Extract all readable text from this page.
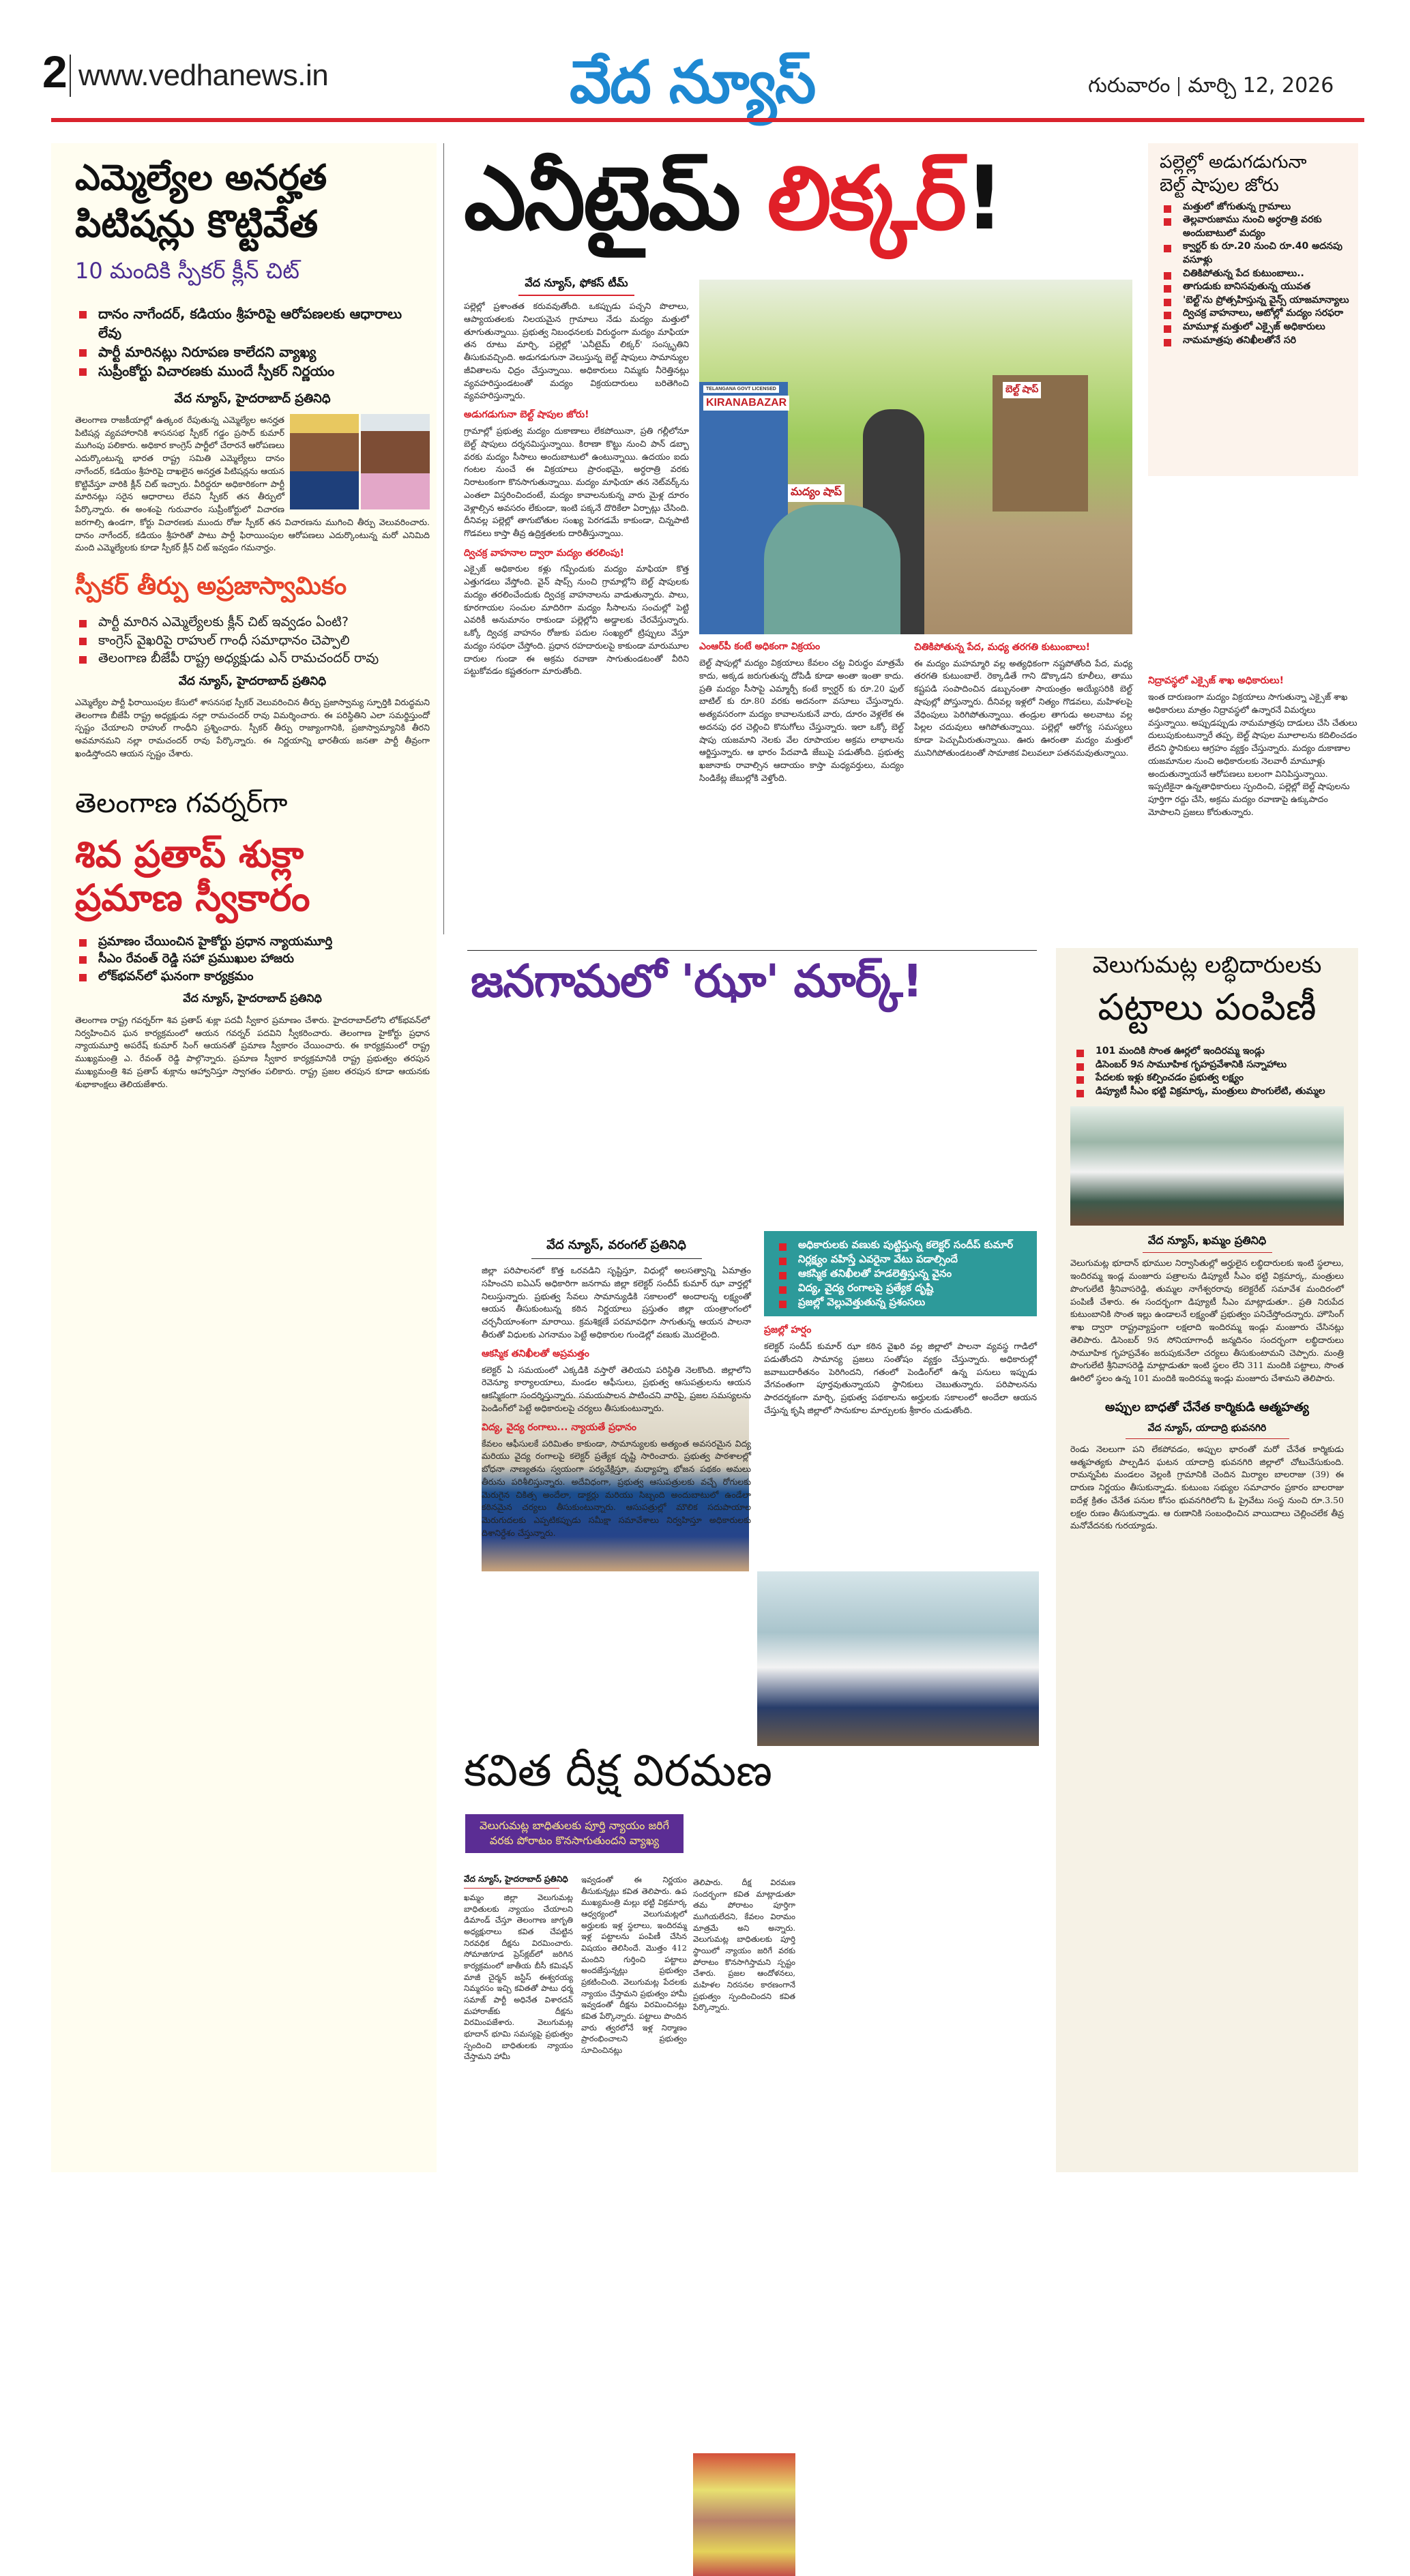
2 www.vedhanews.in	వేద న్యూస్	గురువారం మార్చి 12, 2026
ఎమ్మెల్యేల అనర్హత
పిటిషన్లు కొట్టివేత
10 మందికి స్పీకర్ క్లీన్ చిట్
దానం నాగేందర్, కడియం శ్రీహరిపై ఆరోపణలకు ఆధారాలు లేవు
పార్టీ మారినట్లు నిరూపణ కాలేదని వ్యాఖ్య
సుప్రీంకోర్టు విచారణకు ముందే స్పీకర్ నిర్ణయం
వేద న్యూస్, హైదరాబాద్ ప్రతినిధి
తెలంగాణ రాజకీయాల్లో ఉత్కంఠ రేపుతున్న ఎమ్మెల్యేల అనర్హత పిటిషన్ల వ్యవహారానికి శాసనసభ స్పీకర్ గడ్డం ప్రసాద్ కుమార్ ముగింపు పలికారు. అధికార కాంగ్రెస్ పార్టీలో చేరారనే ఆరోపణలు ఎదుర్కొంటున్న భారత రాష్ట్ర సమితి ఎమ్మెల్యేలు దానం నాగేందర్, కడియం శ్రీహరిపై దాఖలైన అనర్హత పిటిషన్లను ఆయన కొట్టివేస్తూ వారికి క్లీన్ చిట్ ఇచ్చారు. వీరిద్దరూ అధికారికంగా పార్టీ మారినట్లు సరైన ఆధారాలు లేవని స్పీకర్ తన తీర్పులో పేర్కొన్నారు. ఈ అంశంపై గురువారం సుప్రీంకోర్టులో విచారణ జరగాల్సి ఉండగా, కోర్టు విచారణకు ముందు రోజు స్పీకర్ తన విచారణను ముగించి తీర్పు వెలువరించారు. దానం నాగేందర్, కడియం శ్రీహరితో పాటు పార్టీ ఫిరాయింపుల ఆరోపణలు ఎదుర్కొంటున్న మరో ఎనిమిది మంది ఎమ్మెల్యేలకు కూడా స్పీకర్ క్లీన్ చిట్ ఇవ్వడం గమనార్హం.
స్పీకర్ తీర్పు అప్రజాస్వామికం
పార్టీ మారిన ఎమ్మెల్యేలకు క్లీన్ చిట్ ఇవ్వడం ఏంటి?
కాంగ్రెస్ వైఖరిపై రాహుల్ గాంధీ సమాధానం చెప్పాలి
తెలంగాణ బీజేపీ రాష్ట్ర అధ్యక్షుడు ఎన్ రామచందర్ రావు
వేద న్యూస్, హైదరాబాద్ ప్రతినిధి
ఎమ్మెల్యేల పార్టీ ఫిరాయింపుల కేసులో శాసనసభ స్పీకర్ వెలువరించిన తీర్పు ప్రజాస్వామ్య స్ఫూర్తికి విరుద్ధమని తెలంగాణ బీజేపీ రాష్ట్ర అధ్యక్షుడు నల్లా రామచందర్ రావు విమర్శించారు. ఈ పరిస్థితిని ఎలా సమర్థిస్తుందో స్పష్టం చేయాలని రాహుల్ గాంధీని ప్రశ్నించారు. స్పీకర్ తీర్పు రాజ్యాంగానికి, ప్రజాస్వామ్యానికి తీరని అవమానమని నల్లా రామచందర్ రావు పేర్కొన్నారు. ఈ నిర్ణయాన్ని భారతీయ జనతా పార్టీ తీవ్రంగా ఖండిస్తోందని ఆయన స్పష్టం చేశారు.
తెలంగాణ గవర్నర్‌గా
శివ ప్రతాప్ శుక్లా
ప్రమాణ స్వీకారం
ప్రమాణం చేయించిన హైకోర్టు ప్రధాన న్యాయమూర్తి
సీఎం రేవంత్ రెడ్డి సహా ప్రముఖుల హాజరు
లోక్‌భవన్‌లో ఘనంగా కార్యక్రమం
వేద న్యూస్, హైదరాబాద్ ప్రతినిధి
తెలంగాణ రాష్ట్ర గవర్నర్‌గా శివ ప్రతాప్ శుక్లా పదవీ స్వీకార ప్రమాణం చేశారు. హైదరాబాద్‌లోని లోక్‌భవన్‌లో నిర్వహించిన ఘన కార్యక్రమంలో ఆయన గవర్నర్ పదవిని స్వీకరించారు. తెలంగాణ హైకోర్టు ప్రధాన న్యాయమూర్తి అపరేష్ కుమార్ సింగ్ ఆయనతో ప్రమాణ స్వీకారం చేయించారు. ఈ కార్యక్రమంలో రాష్ట్ర ముఖ్యమంత్రి ఎ. రేవంత్ రెడ్డి పాల్గొన్నారు. ప్రమాణ స్వీకార కార్యక్రమానికి రాష్ట్ర ప్రభుత్వం తరపున ముఖ్యమంత్రి శివ ప్రతాప్ శుక్లాను ఆహ్వానిస్తూ స్వాగతం పలికారు. రాష్ట్ర ప్రజల తరపున కూడా ఆయనకు శుభాకాంక్షలు తెలియజేశారు.
ఎనీటైమ్ లిక్కర్!
వేద న్యూస్, ఫోకస్ టీమ్
పల్లెల్లో ప్రశాంతత కరువవుతోంది. ఒకప్పుడు పచ్చని పొలాలు, ఆప్యాయతలకు నిలయమైన గ్రామాలు నేడు మద్యం మత్తులో తూగుతున్నాయి. ప్రభుత్వ నిబంధనలకు విరుద్ధంగా మద్యం మాఫియా తన రూటు మార్చి, పల్లెల్లో 'ఎనీటైమ్ లిక్కర్' సంస్కృతిని తీసుకువచ్చింది. అడుగడుగునా వెలుస్తున్న బెల్ట్ షాపులు సామాన్యుల జీవితాలను ఛిద్రం చేస్తున్నాయి. అధికారులు నిమ్మకు నీరెత్తినట్లు వ్యవహరిస్తుండటంతో మద్యం విక్రయదారులు బరితెగించి వ్యవహరిస్తున్నారు.
అడుగడుగునా బెల్ట్ షాపుల జోరు!
గ్రామాల్లో ప్రభుత్వ మద్యం దుకాణాలు లేకపోయినా, ప్రతి గల్లీలోనూ బెల్ట్ షాపులు దర్శనమిస్తున్నాయి. కిరాణా కొట్టు నుంచి పాన్ డబ్బా వరకు మద్యం సీసాలు అందుబాటులో ఉంటున్నాయి. ఉదయం ఐదు గంటల నుంచే ఈ విక్రయాలు ప్రారంభమై, అర్ధరాత్రి వరకు నిరాటంకంగా కొనసాగుతున్నాయి. మద్యం మాఫియా తన నెట్‌వర్క్‌ను ఎంతలా విస్తరించిందంటే, మద్యం కావాలనుకున్న వారు మైళ్ల దూరం వెళ్లాల్సిన అవసరం లేకుండా, ఇంటి పక్కనే దొరికేలా ఏర్పాట్లు చేసింది. దీనివల్ల పల్లెల్లో తాగుబోతుల సంఖ్య పెరగడమే కాకుండా, చిన్నపాటి గొడవలు కాస్తా తీవ్ర ఉద్రిక్తతలకు దారితీస్తున్నాయి.
ద్విచక్ర వాహనాల ద్వారా మద్యం తరలింపు!
ఎక్సైజ్ అధికారుల కళ్లు గప్పేందుకు మద్యం మాఫియా కొత్త ఎత్తుగడలు వేస్తోంది. వైన్ షాప్స్ నుంచి గ్రామాల్లోని బెల్ట్ షాపులకు మద్యం తరలించేందుకు ద్విచక్ర వాహనాలను వాడుతున్నారు. పాలు, కూరగాయల సంచుల మాదిరిగా మద్యం సీసాలను సంచుల్లో పెట్టి ఎవరికీ అనుమానం రాకుండా పల్లెల్లోని అడ్డాలకు చేరవేస్తున్నారు. ఒక్కో ద్విచక్ర వాహనం రోజుకు పదుల సంఖ్యలో ట్రిప్పులు వేస్తూ మద్యం సరఫరా చేస్తోంది. ప్రధాన రహదారులపై కాకుండా మారుమూల దారుల గుండా ఈ అక్రమ రవాణా సాగుతుండటంతో వీరిని పట్టుకోవడం కష్టతరంగా మారుతోంది.
KIRANABAZAR
TELANGANA GOVT LICENSED	బెల్ట్ షాప్
మద్యం షాప్
ఎంఆర్‌పీ కంటే అధికంగా విక్రయం
బెల్ట్ షాపుల్లో మద్యం విక్రయాలు కేవలం చట్ట విరుద్ధం మాత్రమే కాదు, అక్కడ జరుగుతున్న దోపిడీ కూడా అంతా ఇంతా కాదు. ప్రతి మద్యం సీసాపై ఎమ్మార్పీ కంటే క్వార్టర్ కు రూ.20 ఫుల్ బాటిల్ కు రూ.80 వరకు అదనంగా వసూలు చేస్తున్నారు. అత్యవసరంగా మద్యం కావాలనుకునే వారు, దూరం వెళ్లలేక ఈ అదనపు ధర చెల్లించి కొనుగోలు చేస్తున్నారు. ఇలా ఒక్కో బెల్ట్ షాపు యజమాని నెలకు వేల రూపాయల అక్రమ లాభాలను ఆర్జిస్తున్నారు. ఆ భారం పేదవాడి జేబుపై పడుతోంది. ప్రభుత్వ ఖజానాకు రావాల్సిన ఆదాయం కాస్తా మధ్యవర్తులు, మద్యం సిండికేట్ల జేబుల్లోకి వెళ్తోంది.
చితికిపోతున్న పేద, మధ్య తరగతి కుటుంబాలు!
ఈ మద్యం మహమ్మారి వల్ల అత్యధికంగా నష్టపోతోంది పేద, మధ్య తరగతి కుటుంబాలే. రెక్కాడితే గాని డొక్కాడని కూలీలు, తాము కష్టపడి సంపాదించిన డబ్బునంతా సాయంత్రం అయ్యేసరికి బెల్ట్ షాపుల్లో పోస్తున్నారు. దీనివల్ల ఇళ్లలో నిత్యం గొడవలు, మహిళలపై వేధింపులు పెరిగిపోతున్నాయి. తండ్రుల తాగుడు అలవాటు వల్ల పిల్లల చదువులు ఆగిపోతున్నాయి. పల్లెల్లో ఆరోగ్య సమస్యలు కూడా పెచ్చుమీరుతున్నాయి. ఊరు ఊరంతా మద్యం మత్తులో మునిగిపోతుండటంతో సామాజిక విలువలూ పతనమవుతున్నాయి.
పల్లెల్లో అడుగడుగునా
బెల్ట్ షాపుల జోరు
మత్తులో జోగుతున్న గ్రామాలు
తెల్లవారుజాము నుంచి అర్ధరాత్రి వరకు అందుబాటులో మద్యం
క్వార్టర్ కు రూ.20 నుంచి రూ.40 అదనపు వసూళ్లు
చితికిపోతున్న పేద కుటుంబాలు..
తాగుడుకు బానిసవుతున్న యువత
'బెల్ట్'ను ప్రోత్సహిస్తున్న వైన్స్ యాజమాన్యాలు
ద్విచక్ర వాహనాలు, ఆటోల్లో మద్యం సరఫరా
మామూళ్ల మత్తులో ఎక్సైజ్ అధికారులు
నామమాత్రపు తనిఖీలతోనే సరి
నిద్రావస్థలో ఎక్సైజ్ శాఖ అధికారులు!
ఇంత దారుణంగా మద్యం విక్రయాలు సాగుతున్నా ఎక్సైజ్ శాఖ అధికారులు మాత్రం నిద్రావస్థలో ఉన్నారనే విమర్శలు వస్తున్నాయి. అప్పుడప్పుడు నామమాత్రపు దాడులు చేసి చేతులు దులుపుకుంటున్నారే తప్ప, బెల్ట్ షాపుల మూలాలను కదిలించడం లేదని స్థానికులు ఆగ్రహం వ్యక్తం చేస్తున్నారు. మద్యం దుకాణాల యజమానుల నుంచి అధికారులకు నెలవారీ మామూళ్లు అందుతున్నాయనే ఆరోపణలు బలంగా వినిపిస్తున్నాయి. ఇప్పటికైనా ఉన్నతాధికారులు స్పందించి, పల్లెల్లో బెల్ట్ షాపులను పూర్తిగా రద్దు చేసి, అక్రమ మద్యం రవాణాపై ఉక్కుపాదం మోపాలని ప్రజలు కోరుతున్నారు.
జనగామలో 'ఝా' మార్క్!
వేద న్యూస్, వరంగల్ ప్రతినిధి
జిల్లా పరిపాలనలో కొత్త ఒరవడిని సృష్టిస్తూ, విధుల్లో అలసత్వాన్ని ఏమాత్రం సహించని ఐఏఎస్ అధికారిగా జనగామ జిల్లా కలెక్టర్ సందీప్ కుమార్ ఝా వార్తల్లో నిలుస్తున్నారు. ప్రభుత్వ సేవలు సామాన్యుడికి సకాలంలో అందాలన్న లక్ష్యంతో ఆయన తీసుకుంటున్న కఠిన నిర్ణయాలు ప్రస్తుతం జిల్లా యంత్రాంగంలో చర్చనీయాంశంగా మారాయి. క్రమశిక్షణే పరమావధిగా సాగుతున్న ఆయన పాలనా తీరుతో విధులకు ఎగనామం పెట్టే అధికారుల గుండెల్లో వణుకు మొదలైంది.
ఆకస్మిక తనిఖీలతో అప్రమత్తం
కలెక్టర్ ఏ సమయంలో ఎక్కడికి వస్తారో తెలియని పరిస్థితి నెలకొంది. జిల్లాలోని రెవెన్యూ కార్యాలయాలు, మండల ఆఫీసులు, ప్రభుత్వ ఆసుపత్రులను ఆయన ఆకస్మికంగా సందర్శిస్తున్నారు. సమయపాలన పాటించని వారిపై, ప్రజల సమస్యలను పెండింగ్‌లో పెట్టే అధికారులపై చర్యలు తీసుకుంటున్నారు.
విద్య, వైద్య రంగాలు... న్యాయతే ప్రధానం
కేవలం ఆఫీసులకే పరిమితం కాకుండా, సామాన్యులకు అత్యంత అవసరమైన విద్య మరియు వైద్య రంగాలపై కలెక్టర్ ప్రత్యేక దృష్టి సారించారు. ప్రభుత్వ పాఠశాలల్లో బోధనా నాణ్యతను స్వయంగా పర్యవేక్షిస్తూ, మధ్యాహ్న భోజన పథకం అమలు తీరును పరిశీలిస్తున్నారు. అదేవిధంగా, ప్రభుత్వ ఆసుపత్రులకు వచ్చే రోగులకు మెరుగైన చికిత్స అందేలా, డాక్టర్లు మరియు సిబ్బంది అందుబాటులో ఉండేలా కఠినమైన చర్యలు తీసుకుంటున్నారు. ఆసుపత్రుల్లో మౌలిక సదుపాయాల మెరుగుదలకు ఎప్పటికప్పుడు సమీక్షా సమావేశాలు నిర్వహిస్తూ అధికారులకు దిశానిర్దేశం చేస్తున్నారు.
అధికారులకు వణుకు పుట్టిస్తున్న కలెక్టర్ సందీప్ కుమార్
నిర్లక్ష్యం వహిస్తే ఎవరైనా వేటు పడాల్సిందే
ఆకస్మిక తనిఖీలతో హడలెత్తిస్తున్న వైనం
విద్య, వైద్య రంగాలపై ప్రత్యేక దృష్టి
ప్రజల్లో వెల్లువెత్తుతున్న ప్రశంసలు
ప్రజల్లో హర్షం
కలెక్టర్ సందీప్ కుమార్ ఝా కఠిన వైఖరి వల్ల జిల్లాలో పాలనా వ్యవస్థ గాడిలో పడుతోందని సామాన్య ప్రజలు సంతోషం వ్యక్తం చేస్తున్నారు. అధికారుల్లో జవాబుదారీతనం పెరిగిందని, గతంలో పెండింగ్‌లో ఉన్న పనులు ఇప్పుడు వేగవంతంగా పూర్తవుతున్నాయని స్థానికులు చెబుతున్నారు. పరిపాలనను పారదర్శకంగా మార్చి, ప్రభుత్వ పథకాలను అర్హులకు సకాలంలో అందేలా ఆయన చేస్తున్న కృషి జిల్లాలో సానుకూల మార్పులకు శ్రీకారం చుడుతోంది.
వెలుగుమట్ల లబ్ధిదారులకు
పట్టాలు పంపిణీ
101 మందికి సొంత ఊర్లలో ఇందిరమ్మ ఇండ్లు
డిసెంబర్ 9న సామూహిక గృహప్రవేశానికి సన్నాహాలు
పేదలకు ఇళ్లు కల్పించడం ప్రభుత్వ లక్ష్యం
డిప్యూటీ సీఎం భట్టి విక్రమార్క, మంత్రులు పొంగులేటి, తుమ్మల
వేద న్యూస్, ఖమ్మం ప్రతినిధి
వెలుగుమట్ల భూదాన్ భూముల నిర్వాసితుల్లో అర్హులైన లబ్ధిదారులకు ఇంటి స్థలాలు, ఇందిరమ్మ ఇండ్ల మంజూరు పత్రాలను డిప్యూటీ సీఎం భట్టి విక్రమార్క, మంత్రులు పొంగులేటి శ్రీనివాసరెడ్డి, తుమ్మల నాగేశ్వరరావు కలెక్టరేట్ సమావేశ మందిరంలో పంపిణీ చేశారు. ఈ సందర్భంగా డిప్యూటీ సీఎం మాట్లాడుతూ.. ప్రతి నిరుపేద కుటుంబానికి సొంత ఇల్లు ఉండాలనే లక్ష్యంతో ప్రభుత్వం పనిచేస్తోందన్నారు. హౌసింగ్ శాఖ ద్వారా రాష్ట్రవ్యాప్తంగా లక్షలాది ఇందిరమ్మ ఇండ్లు మంజూరు చేసినట్లు తెలిపారు. డిసెంబర్ 9న సోనియాగాంధీ జన్మదినం సందర్భంగా లబ్ధిదారులు సామూహిక గృహప్రవేశం జరుపుకునేలా చర్యలు తీసుకుంటామని చెప్పారు. మంత్రి పొంగులేటి శ్రీనివాసరెడ్డి మాట్లాడుతూ ఇంటి స్థలం లేని 311 మందికి పట్టాలు, సొంత ఊరిలో స్థలం ఉన్న 101 మందికి ఇందిరమ్మ ఇండ్లు మంజూరు చేశామని తెలిపారు.
అప్పుల బాధతో చేనేత కార్మికుడి ఆత్మహత్య
వేద న్యూస్, యాదాద్రి భువనగిరి
రెండు నెలలుగా పని లేకపోవడం, అప్పుల భారంతో మరో చేనేత కార్మికుడు ఆత్మహత్యకు పాల్పడిన ఘటన యాదాద్రి భువనగిరి జిల్లాలో చోటుచేసుకుంది. రామన్నపేట మండలం వెల్లంకి గ్రామానికి చెందిన మిర్యాల బాలరాజు (39) ఈ దారుణ నిర్ణయం తీసుకున్నాడు. కుటుంబ సభ్యుల సమాచారం ప్రకారం బాలరాజు ఐదేళ్ల క్రితం చేనేత పనుల కోసం భువనగిరిలోని ఓ ప్రైవేటు సంస్థ నుంచి రూ.3.50 లక్షల రుణం తీసుకున్నాడు. ఆ రుణానికి సంబంధించిన వాయిదాలు చెల్లించలేక తీవ్ర మనోవేదనకు గురయ్యాడు.
కవిత దీక్ష విరమణ
వెలుగుమట్ల బాధితులకు పూర్తి న్యాయం జరిగే వరకు పోరాటం కొనసాగుతుందని వ్యాఖ్య
వేద న్యూస్, హైదరాబాద్ ప్రతినిధి
ఖమ్మం జిల్లా వెలుగుమట్ల బాధితులకు న్యాయం చేయాలని డిమాండ్ చేస్తూ తెలంగాణ జాగృతి అధ్యక్షురాలు కవిత చేపట్టిన నిరవధిక దీక్షను విరమించారు. సోమాజిగూడ ప్రెస్‌క్లబ్‌లో జరిగిన కార్యక్రమంలో జాతీయ బీసీ కమిషన్ మాజీ చైర్మన్ జస్టిస్ ఈశ్వరయ్య నిమ్మరసం ఇచ్చి కవితతో పాటు ధర్మ సమాజ్ పార్టీ అధినేత విశారదన్ మహారాజ్‌కు దీక్షను విరమింపజేశారు. వెలుగుమట్ల భూదాన్ భూమి సమస్యపై ప్రభుత్వం స్పందించి బాధితులకు న్యాయం చేస్తామని హామీ
ఇవ్వడంతో ఈ నిర్ణయం తీసుకున్నట్లు కవిత తెలిపారు. ఉప ముఖ్యమంత్రి మల్లు భట్టి విక్రమార్క ఆధ్వర్యంలో వెలుగుమట్లలో అర్హులకు ఇళ్ల స్థలాలు, ఇందిరమ్మ ఇళ్ల పట్టాలను పంపిణీ చేసిన విషయం తెలిసిందే. మొత్తం 412 మందిని గుర్తించి పట్టాలు అందజేస్తున్నట్లు ప్రభుత్వం ప్రకటించింది. వెలుగుమట్ల పేదలకు న్యాయం చేస్తామని ప్రభుత్వం హామీ ఇవ్వడంతో దీక్షను విరమించినట్లు కవిత పేర్కొన్నారు. పట్టాలు పొందిన వారు త్వరలోనే ఇళ్ల నిర్మాణం ప్రారంభించాలని ప్రభుత్వం సూచించినట్లు
తెలిపారు. దీక్ష విరమణ సందర్భంగా కవిత మాట్లాడుతూ తమ పోరాటం పూర్తిగా ముగియలేదని, కేవలం విరామం మాత్రమే అని అన్నారు. వెలుగుమట్ల బాధితులకు పూర్తి స్థాయిలో న్యాయం జరిగే వరకు పోరాటం కొనసాగిస్తామని స్పష్టం చేశారు. ప్రజల ఆందోళనలు, మహిళల నిరసనల కారణంగానే ప్రభుత్వం స్పందించిందని కవిత పేర్కొన్నారు.
